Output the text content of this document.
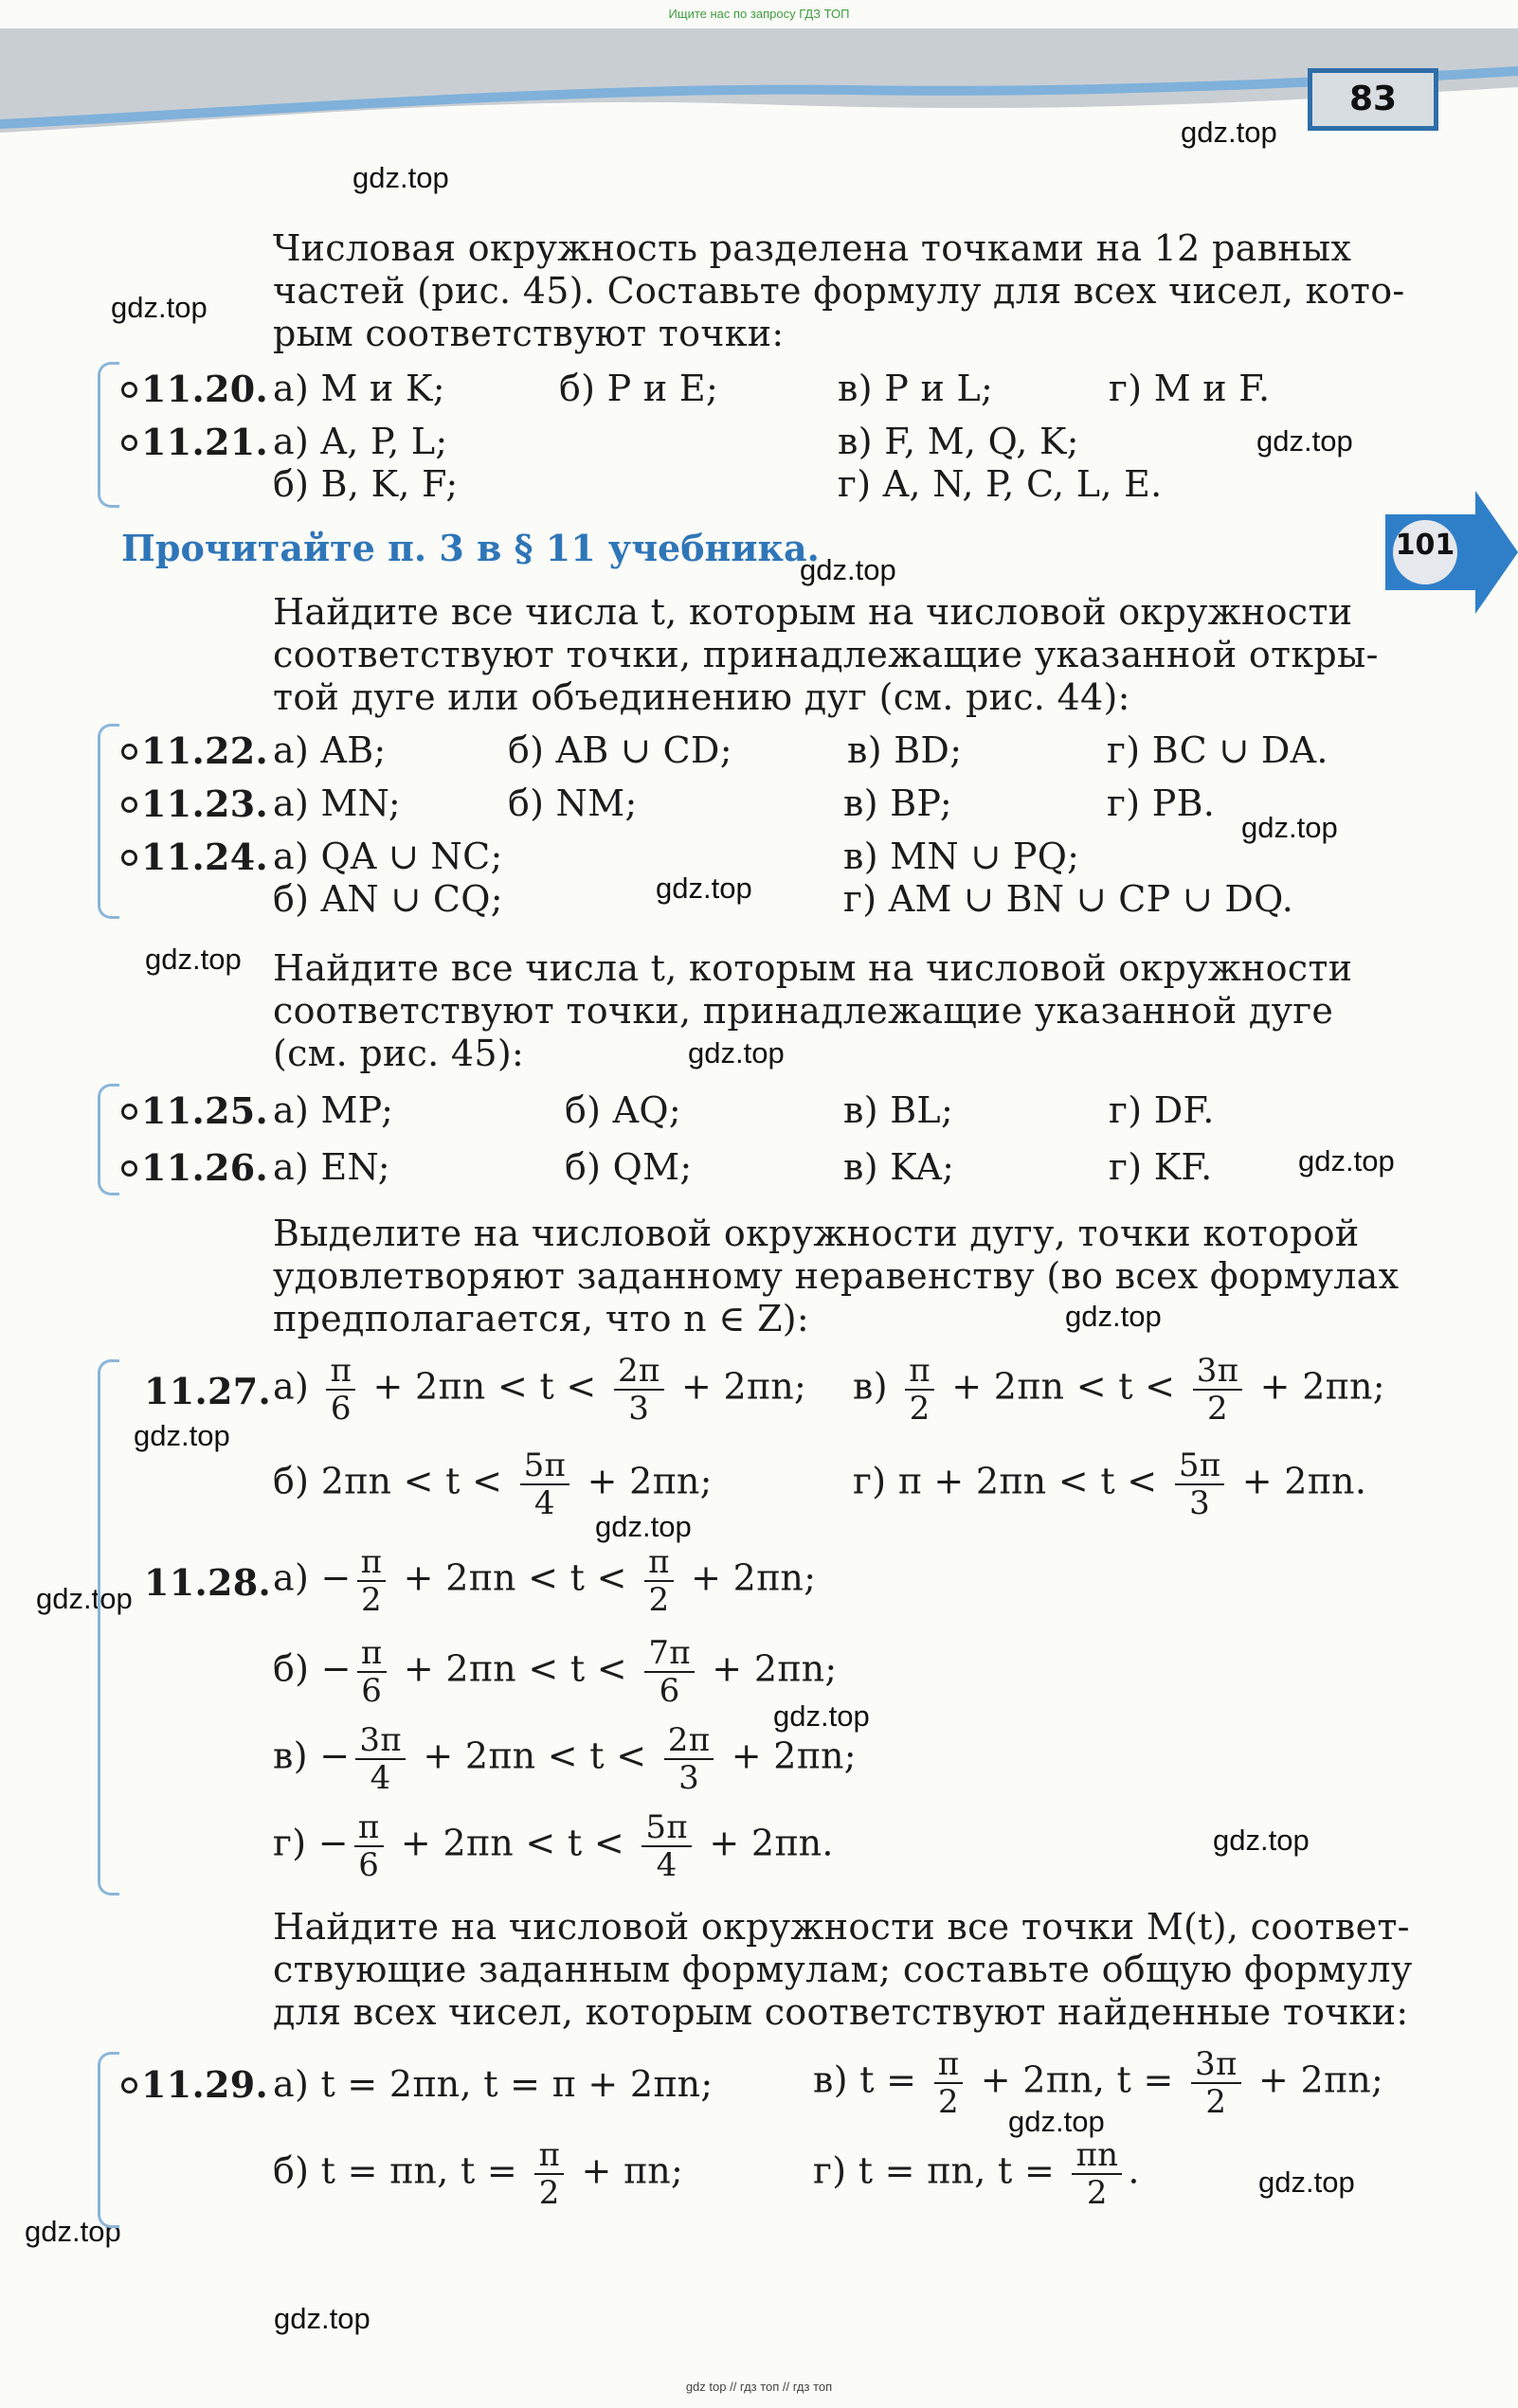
Ищите нас по запросу ГДЗ ТОП
83
101
gdz.top
gdz.top
gdz.top
gdz.top
gdz.top
gdz.top
gdz.top
gdz.top
gdz.top
gdz.top
gdz.top
gdz.top
gdz.top
gdz.top
gdz.top
gdz.top
gdz.top
gdz.top
gdz.top
gdz.top
Числовая окружность разделена точками на 12 равных
частей (рис. 45). Составьте формулу для всех чисел, кото-
рым соответствуют точки:
11.20. а) M и K;	б) P и E;	в) P и L;	г) M и F.
11.21. а) A, P, L;	в) F, M, Q, K;
б) B, K, F;	г) A, N, P, C, L, E.
Прочитайте п. 3 в § 11 учебника.
Найдите все числа t, которым на числовой окружности
соответствуют точки, принадлежащие указанной откры-
той дуге или объединению дуг (см. рис. 44):
11.22. а) AB;	б) AB ∪ CD;	в) BD;	г) BC ∪ DA.
11.23. а) MN;	б) NM;	в) BP;	г) PB.
11.24. а) QA ∪ NC;	в) MN ∪ PQ;
б) AN ∪ CQ;	г) AM ∪ BN ∪ CP ∪ DQ.
Найдите все числа t, которым на числовой окружности
соответствуют точки, принадлежащие указанной дуге
(см. рис. 45):
11.25. а) MP;	б) AQ;	в) BL;	г) DF.
11.26. а) EN;	б) QM;	в) KA;	г) KF.
Выделите на числовой окружности дугу, точки которой
удовлетворяют заданному неравенству (во всех формулах
предполагается, что n ∈ Z):
11.27. $а) \frac{\pi}{6} + 2\pi n < t < \frac{2\pi}{3} + 2\pi n$; $в) \frac{\pi}{2} + 2\pi n < t < \frac{3\pi}{2} + 2\pi n$;
б) $2\pi n < t < \frac{5\pi}{4} + 2\pi n$;	г) $\pi + 2\pi n < t < \frac{5\pi}{3} + 2\pi n$.
11.28. $а) - \frac{\pi}{2} + 2\pi n < t < \frac{\pi}{2} + 2\pi n$;
$б) - \frac{\pi}{6} + 2\pi n < t < \frac{7\pi}{6} + 2\pi n$;
$в) - \frac{3\pi}{4} + 2\pi n < t < \frac{2\pi}{3} + 2\pi n$;
$г) - \frac{\pi}{6} + 2\pi n < t < \frac{5\pi}{4} + 2\pi n$.
Найдите на числовой окружности все точки M(t), соответ-
ствующие заданным формулам; составьте общую формулу
для всех чисел, которым соответствуют найденные точки:
11.29. а) t = 2πn, t = π + 2πn;	в) $t = \frac{\pi}{2} + 2\pi n$, $t = \frac{3\pi}{2} + 2\pi n$;
б) t = πn, $t = \frac{\pi}{2} + \pi n$;	г) t = πn, $t = \frac{\pi n}{2}$ .
gdz top // гдз топ // гдз топ
